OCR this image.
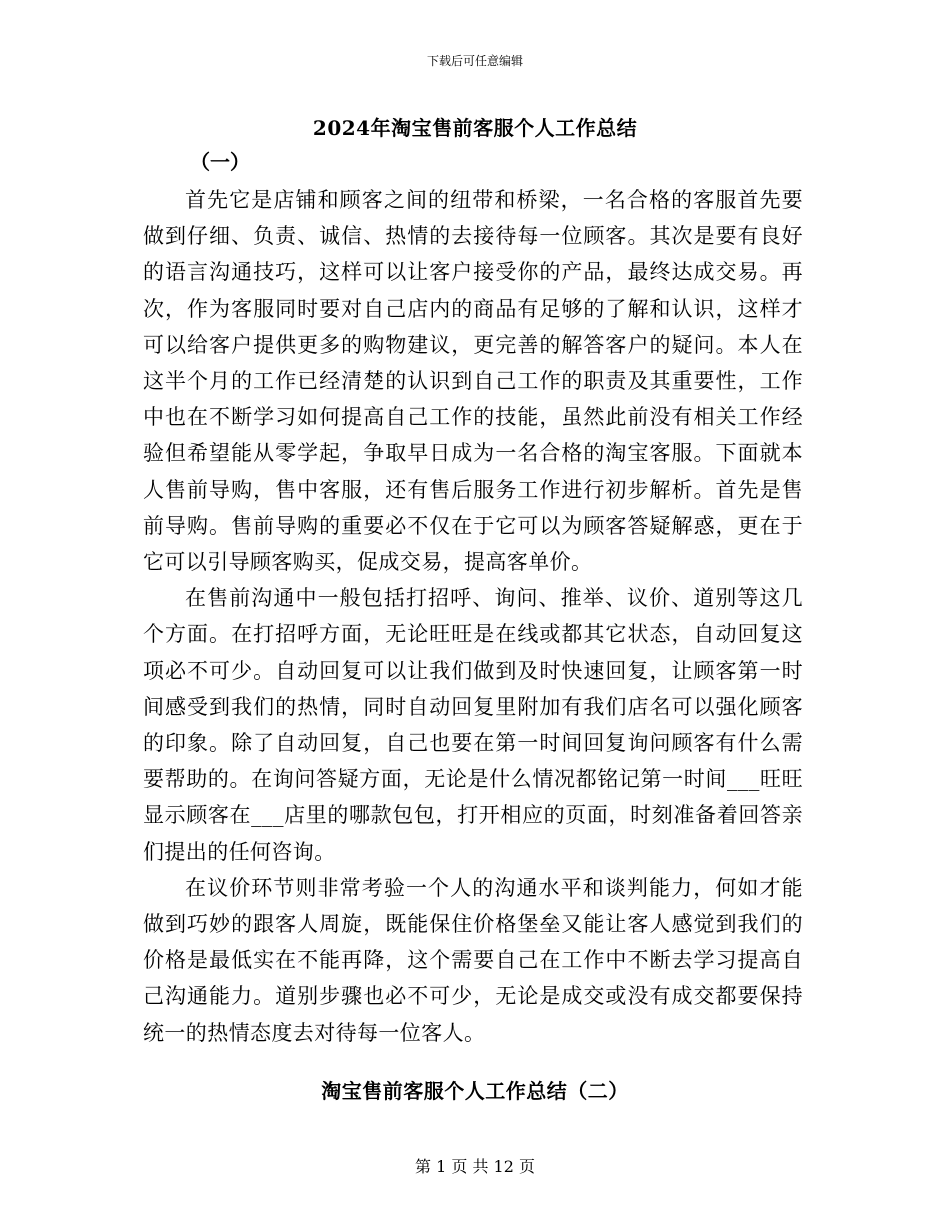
下载后可任意编辑
2024年淘宝售前客服个人工作总结
（一）

首先它是店铺和顾客之间的纽带和桥梁，一名合格的客服首先要做到仔细、负责、诚信、热情的去接待每一位顾客。其次是要有良好的语言沟通技巧，这样可以让客户接受你的产品，最终达成交易。再次，作为客服同时要对自己店内的商品有足够的了解和认识，这样才可以给客户提供更多的购物建议，更完善的解答客户的疑问。本人在这半个月的工作已经清楚的认识到自己工作的职责及其重要性，工作中也在不断学习如何提高自己工作的技能，虽然此前没有相关工作经验但希望能从零学起，争取早日成为一名合格的淘宝客服。下面就本人售前导购，售中客服，还有售后服务工作进行初步解析。首先是售前导购。售前导购的重要必不仅在于它可以为顾客答疑解惑，更在于它可以引导顾客购买，促成交易，提高客单价。

在售前沟通中一般包括打招呼、询问、推举、议价、道别等这几个方面。在打招呼方面，无论旺旺是在线或都其它状态，自动回复这项必不可少。自动回复可以让我们做到及时快速回复，让顾客第一时间感受到我们的热情，同时自动回复里附加有我们店名可以强化顾客的印象。除了自动回复，自己也要在第一时间回复询问顾客有什么需要帮助的。在询问答疑方面，无论是什么情况都铭记第一时间___旺旺显示顾客在___店里的哪款包包，打开相应的页面，时刻准备着回答亲们提出的任何咨询。

在议价环节则非常考验一个人的沟通水平和谈判能力，何如才能做到巧妙的跟客人周旋，既能保住价格堡垒又能让客人感觉到我们的价格是最低实在不能再降，这个需要自己在工作中不断去学习提高自己沟通能力。道别步骤也必不可少，无论是成交或没有成交都要保持统一的热情态度去对待每一位客人。

淘宝售前客服个人工作总结（二）
第 1 页 共 12 页
